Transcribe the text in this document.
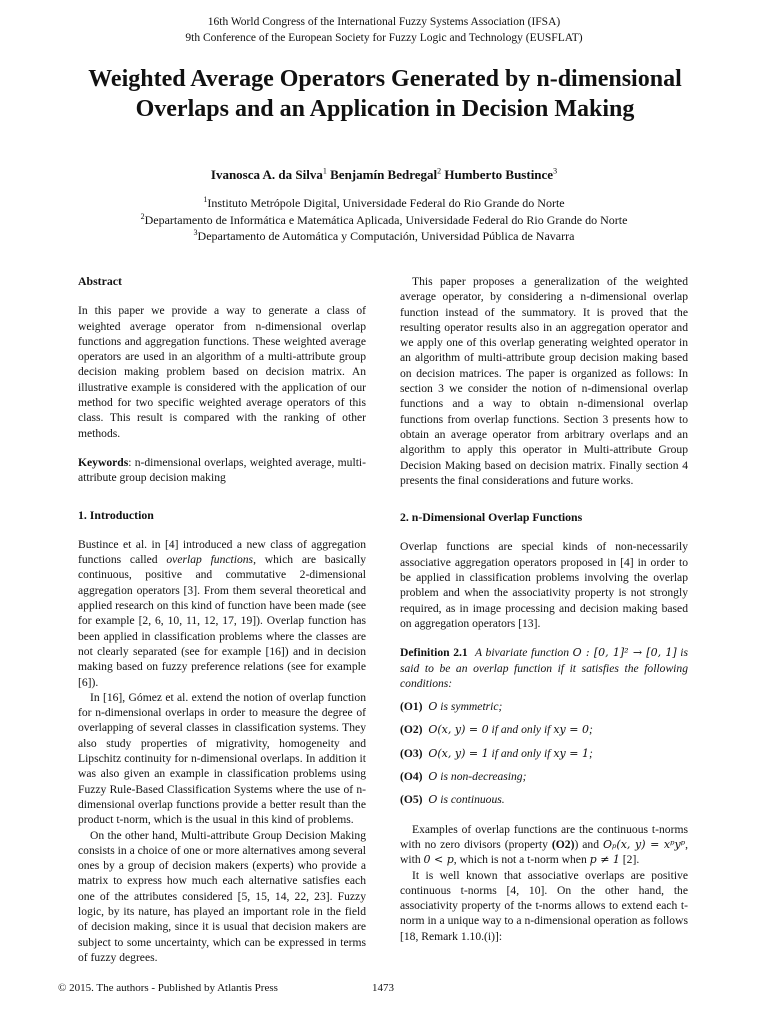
16th World Congress of the International Fuzzy Systems Association (IFSA)
9th Conference of the European Society for Fuzzy Logic and Technology (EUSFLAT)
Weighted Average Operators Generated by n-dimensional Overlaps and an Application in Decision Making
Ivanosca A. da Silva$^1$ Benjamín Bedregal$^2$ Humberto Bustince$^3$
$^1$Instituto Metrópole Digital, Universidade Federal do Rio Grande do Norte
$^2$Departamento de Informática e Matemática Aplicada, Universidade Federal do Rio Grande do Norte
$^3$Departamento de Automática y Computación, Universidad Pública de Navarra

Abstract

In this paper we provide a way to generate a class of weighted average operator from n-dimensional overlap functions and aggregation functions. These weighted average operators are used in an algorithm of a multi-attribute group decision making problem based on decision matrix. An illustrative example is considered with the application of our method for two specific weighted average operators of this class. This result is compared with the ranking of other methods.

Keywords: n-dimensional overlaps, weighted average, multi-attribute group decision making

1. Introduction

Bustince et al. in [4] introduced a new class of aggregation functions called overlap functions, which are basically continuous, positive and commutative 2-dimensional aggregation operators [3]. From them several theoretical and applied research on this kind of function have been made (see for example [2, 6, 10, 11, 12, 17, 19]). Overlap function has been applied in classification problems where the classes are not clearly separated (see for example [16]) and in decision making based on fuzzy preference relations (see for example [6]).

In [16], Gómez et al. extend the notion of overlap function for n-dimensional overlaps in order to measure the degree of overlapping of several classes in classification systems. They also study properties of migrativity, homogeneity and Lipschitz continuity for n-dimensional overlaps. In addition it was also given an example in classification problems using Fuzzy Rule-Based Classification Systems where the use of n-dimensional overlap functions provide a better result than the product t-norm, which is the usual in this kind of problems.

On the other hand, Multi-attribute Group Decision Making consists in a choice of one or more alternatives among several ones by a group of decision makers (experts) who provide a matrix to express how much each alternative satisfies each one of the attributes considered [5, 15, 14, 22, 23]. Fuzzy logic, by its nature, has played an important role in the field of decision making, since it is usual that decision makers are subject to some uncertainty, which can be expressed in terms of fuzzy degrees.

This paper proposes a generalization of the weighted average operator, by considering a n-dimensional overlap function instead of the summatory. It is proved that the resulting operator results also in an aggregation operator and we apply one of this overlap generating weighted operator in an algorithm of multi-attribute group decision making based on decision matrices. The paper is organized as follows: In section 3 we consider the notion of n-dimensional overlap functions and a way to obtain n-dimensional overlap functions from overlap functions. Section 3 presents how to obtain an average operator from arbitrary overlaps and an algorithm to apply this operator in Multi-attribute Group Decision Making based on decision matrix. Finally section 4 presents the final considerations and future works.

2. n-Dimensional Overlap Functions

Overlap functions are special kinds of non-necessarily associative aggregation operators proposed in [4] in order to be applied in classification problems involving the overlap problem and when the associativity property is not strongly required, as in image processing and decision making based on aggregation operators [13].

Definition 2.1 A bivariate function O : [0, 1]² → [0, 1] is said to be an overlap function if it satisfies the following conditions:

(O1) O is symmetric;

(O2) O(x, y) = 0 if and only if xy = 0;

(O3) O(x, y) = 1 if and only if xy = 1;

(O4) O is non-decreasing;

(O5) O is continuous.

Examples of overlap functions are the continuous t-norms with no zero divisors (property (O2)) and Oₚ(x, y) = xᵖyᵖ, with 0 < p, which is not a t-norm when p ≠ 1 [2].

It is well known that associative overlaps are positive continuous t-norms [4, 10]. On the other hand, the associativity property of the t-norms allows to extend each t-norm in a unique way to a n-dimensional operation as follows [18, Remark 1.10.(i)]:

© 2015. The authors - Published by Atlantis Press	1473
